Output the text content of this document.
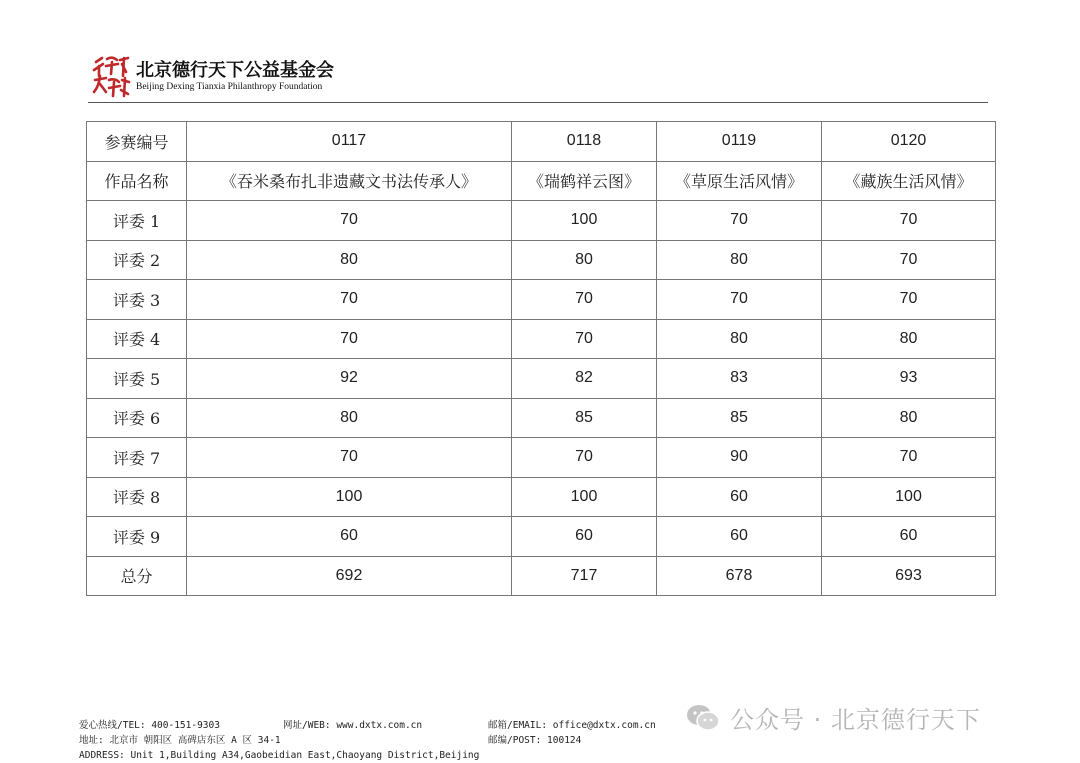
北京德行天下公益基金会
Beijing Dexing Tianxia Philanthropy Foundation
参赛编号	0117	0118	0119	0120
作品名称	《吞米桑布扎非遗藏文书法传承人》	《瑞鹤祥云图》	《草原生活风情》	《藏族生活风情》
评委 1	70	100	70	70
评委 2	80	80	80	70
评委 3	70	70	70	70
评委 4	70	70	80	80
评委 5	92	82	83	93
评委 6	80	85	85	80
评委 7	70	70	90	70
评委 8	100	100	60	100
评委 9	60	60	60	60
总分	692	717	678	693
爱心热线/TEL: 400-151-9303	网址/WEB: www.dxtx.com.cn	邮箱/EMAIL: office@dxtx.com.cn
地址: 北京市 朝阳区 高碑店东区 A 区 34-1	邮编/POST: 100124
ADDRESS: Unit 1,Building A34,Gaobeidian East,Chaoyang District,Beijing
公众号 · 北京德行天下
